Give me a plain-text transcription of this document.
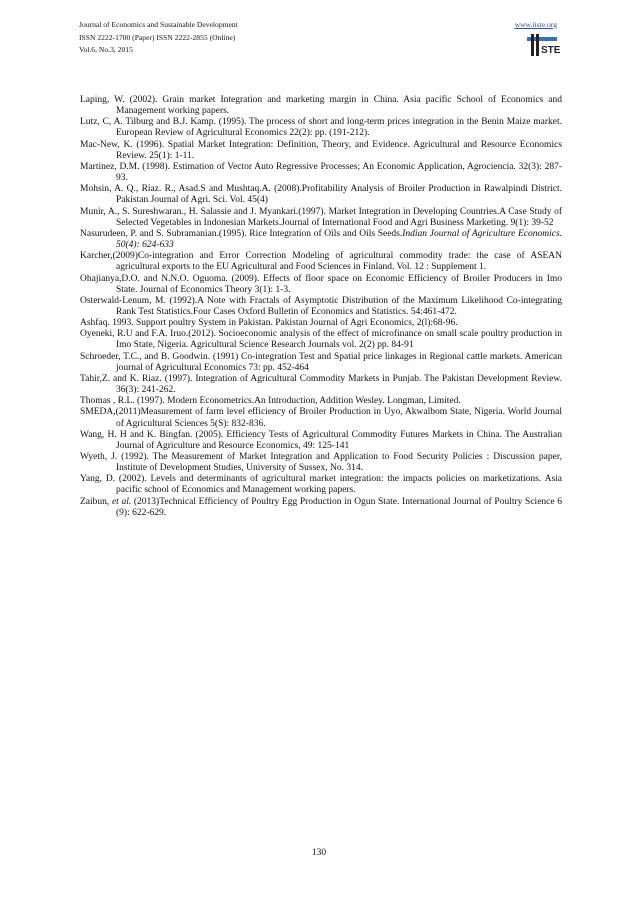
Journal of Economics and Sustainable Development
ISSN 2222-1700 (Paper) ISSN 2222-2855 (Online)
Vol.6, No.3, 2015
www.iiste.org
STE

Laping, W. (2002). Grain market Integration and marketing margin in China. Asia pacific School of Economics and Management working papers.

Lutz, C, A. Tilburg and B.J. Kamp. (1995). The process of short and long-term prices integration in the Benin Maize market. European Review of Agricultural Economics 22(2): pp. (191-212).

Mac-New, K. (1996). Spatial Market Integration: Definition, Theory, and Evidence. Agricultural and Resource Economics Review. 25(1): 1-11.

Martinez, D.M. (1998). Estimation of Vector Auto Regressive Processes; An Economic Application, Agrociencia. 32(3): 287-93.

Mohsin, A. Q., Riaz. R., Asad.S and Mushtaq.A. (2008).Profitability Analysis of Broiler Production in Rawalpindi District. Pakistan Journal of Agri. Sci. Vol. 45(4)

Munir, A., S. Sureshwaran., H. Salassie and J. Myankari.(1997). Market Integration in Developing Countries.A Case Study of Selected Vegetables in Indonesian Markets.Journal of International Food and Agri Business Marketing. 9(1): 39-52

Nasurudeen, P. and S. Subramanian.(1995). Rice Integration of Oils and Oils Seeds.Indian Journal of Agriculture Economics. 50(4): 624-633

Karcher,(2009)Co-integration and Error Correction Modeling of agricultural commodity trade: the case of ASEAN agricultural exports to the EU Agricultural and Food Sciences in Finland. Vol. 12 : Supplement 1.

Ohajianya,D.O. and N.N.O. Oguoma. (2009). Effects of floor space on Economic Efficiency of Broiler Producers in Imo State. Journal of Economics Theory 3(1): 1-3.

Osterwald-Lenum, M. (1992).A Note with Fractals of Asymptotic Distribution of the Maximum Likelihood Co-integrating Rank Test Statistics.Four Cases Oxford Bulletin of Economics and Statistics. 54:461-472.

Ashfaq. 1993. Support poultry System in Pakistan. Pakistan Journal of Agri Economics, 2(l):68-96.

Oyeneki, R.U and F.A. Iruo.(2012). Socioeconomic analysis of the effect of microfinance on small scale poultry production in Imo State, Nigeria. Agricultural Science Research Journals vol. 2(2) pp. 84-91

Schroeder, T.C., and B. Goodwin. (1991) Co-integration Test and Spatial price linkages in Regional cattle markets. American journal of Agricultural Economics 73: pp. 452-464

Tahir,Z. and K. Riaz. (1997). Integration of Agricultural Commodity Markets in Punjab. The Pakistan Development Review. 36(3): 241-262.

Thomas , R.L. (1997). Modern Econometrics.An Introduction, Addition Wesley. Longman, Limited.

SMEDA,(2011)Measurement of farm level efficiency of Broiler Production in Uyo, Akwalbom State, Nigeria. World Journal of Agricultural Sciences 5(S): 832-836.

Wang, H. H and K. Bingfan. (2005). Efficiency Tests of Agricultural Commodity Futures Markets in China. The Australian Journal of Agriculture and Resource Economics, 49: 125-141

Wyeth, J. (1992). The Measurement of Market Integration and Application to Food Security Policies : Discussion paper, Institute of Development Studies, University of Sussex, No. 314.

Yang, D. (2002). Levels and determinants of agricultural market integration: the impacts policies on marketizations. Asia pacific school of Economics and Management working papers.

Zaibun, et al. (2013)Technical Efficiency of Poultry Egg Production in Ogun State. International Journal of Poultry Science 6 (9): 622-629.

130
